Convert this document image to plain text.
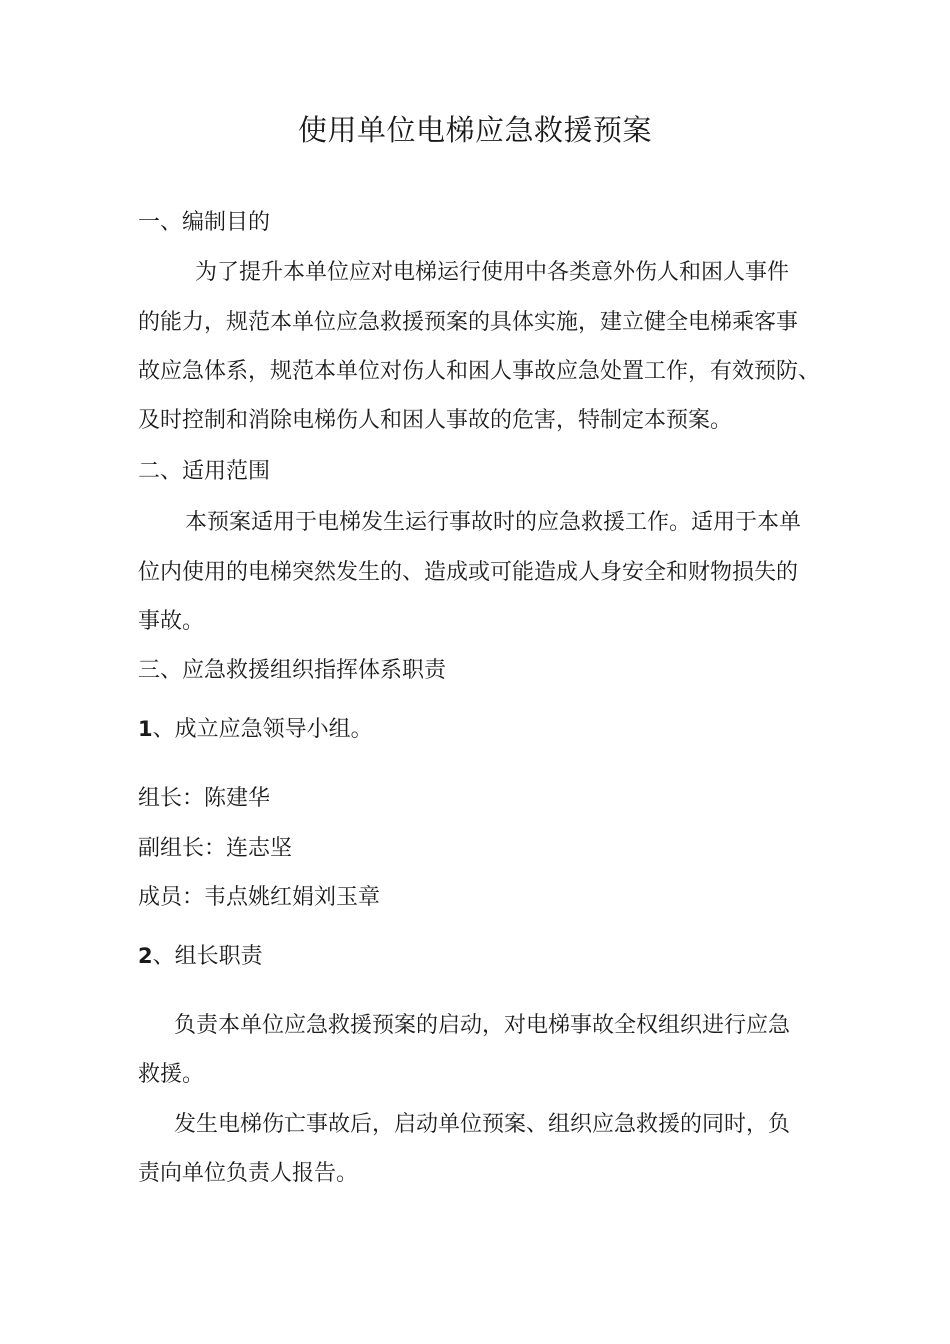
使用单位电梯应急救援预案
一、编制目的
为了提升本单位应对电梯运行使用中各类意外伤人和困人事件
的能力，规范本单位应急救援预案的具体实施，建立健全电梯乘客事
故应急体系，规范本单位对伤人和困人事故应急处置工作，有效预防、
及时控制和消除电梯伤人和困人事故的危害，特制定本预案。
二、适用范围
本预案适用于电梯发生运行事故时的应急救援工作。适用于本单
位内使用的电梯突然发生的、造成或可能造成人身安全和财物损失的
事故。
三、应急救援组织指挥体系职责
1、成立应急领导小组。
组长：陈建华
副组长：连志坚
成员：韦点姚红娟刘玉章
2、组长职责
负责本单位应急救援预案的启动，对电梯事故全权组织进行应急
救援。
发生电梯伤亡事故后，启动单位预案、组织应急救援的同时，负
责向单位负责人报告。
